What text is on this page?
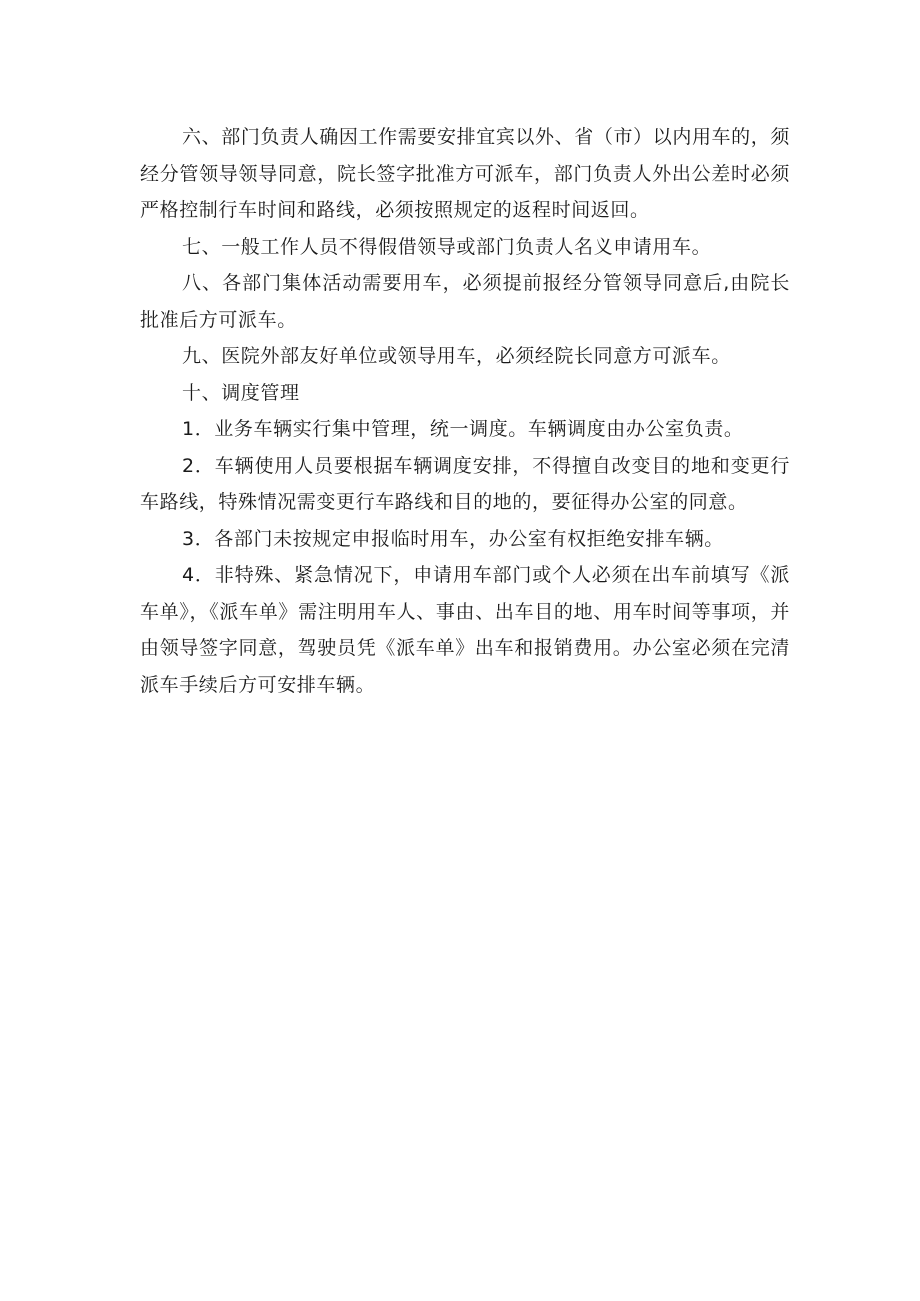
六、部门负责人确因工作需要安排宜宾以外、省（市）以内用车的，须经分管领导领导同意，院长签字批准方可派车，部门负责人外出公差时必须严格控制行车时间和路线，必须按照规定的返程时间返回。

七、一般工作人员不得假借领导或部门负责人名义申请用车。

八、各部门集体活动需要用车，必须提前报经分管领导同意后,由院长批准后方可派车。

九、医院外部友好单位或领导用车，必须经院长同意方可派车。

十、调度管理

1．业务车辆实行集中管理，统一调度。车辆调度由办公室负责。

2．车辆使用人员要根据车辆调度安排，不得擅自改变目的地和变更行车路线，特殊情况需变更行车路线和目的地的，要征得办公室的同意。

3．各部门未按规定申报临时用车，办公室有权拒绝安排车辆。

4．非特殊、紧急情况下，申请用车部门或个人必须在出车前填写《派车单》，《派车单》需注明用车人、事由、出车目的地、用车时间等事项，并由领导签字同意，驾驶员凭《派车单》出车和报销费用。办公室必须在完清派车手续后方可安排车辆。
